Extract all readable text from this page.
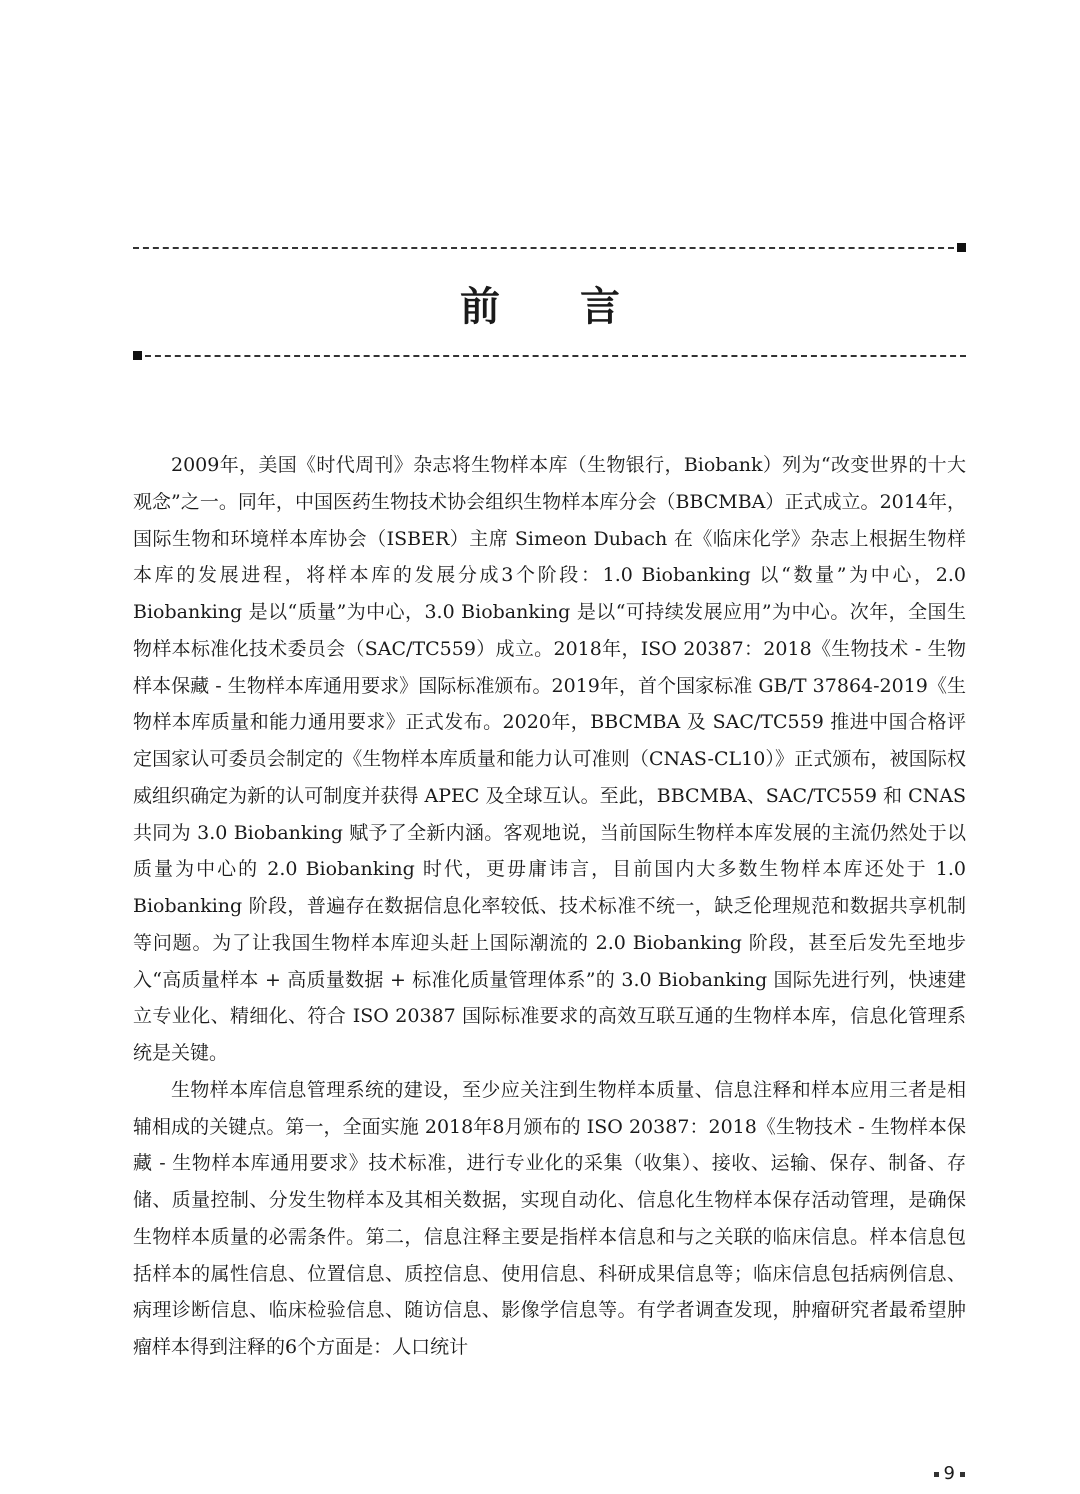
前言

2009年，美国《时代周刊》杂志将生物样本库（生物银行，Biobank）列为“改变世界的十大观念”之一。同年，中国医药生物技术协会组织生物样本库分会（BBCMBA）正式成立。2014年，国际生物和环境样本库协会（ISBER）主席 Simeon Dubach 在《临床化学》杂志上根据生物样本库的发展进程，将样本库的发展分成3个阶段：1.0 Biobanking 以“数量”为中心，2.0 Biobanking 是以“质量”为中心，3.0 Biobanking 是以“可持续发展应用”为中心。次年，全国生物样本标准化技术委员会（SAC/TC559）成立。2018年，ISO 20387：2018《生物技术 - 生物样本保藏 - 生物样本库通用要求》国际标准颁布。2019年，首个国家标准 GB/T 37864-2019《生物样本库质量和能力通用要求》正式发布。2020年，BBCMBA 及 SAC/TC559 推进中国合格评定国家认可委员会制定的《生物样本库质量和能力认可准则（CNAS-CL10）》正式颁布，被国际权威组织确定为新的认可制度并获得 APEC 及全球互认。至此，BBCMBA、SAC/TC559 和 CNAS 共同为 3.0 Biobanking 赋予了全新内涵。客观地说，当前国际生物样本库发展的主流仍然处于以质量为中心的 2.0 Biobanking 时代，更毋庸讳言，目前国内大多数生物样本库还处于 1.0 Biobanking 阶段，普遍存在数据信息化率较低、技术标准不统一，缺乏伦理规范和数据共享机制等问题。为了让我国生物样本库迎头赶上国际潮流的 2.0 Biobanking 阶段，甚至后发先至地步入“高质量样本 + 高质量数据 + 标准化质量管理体系”的 3.0 Biobanking 国际先进行列，快速建立专业化、精细化、符合 ISO 20387 国际标准要求的高效互联互通的生物样本库，信息化管理系统是关键。

生物样本库信息管理系统的建设，至少应关注到生物样本质量、信息注释和样本应用三者是相辅相成的关键点。第一，全面实施 2018年8月颁布的 ISO 20387：2018《生物技术 - 生物样本保藏 - 生物样本库通用要求》技术标准，进行专业化的采集（收集）、接收、运输、保存、制备、存储、质量控制、分发生物样本及其相关数据，实现自动化、信息化生物样本保存活动管理，是确保生物样本质量的必需条件。第二，信息注释主要是指样本信息和与之关联的临床信息。样本信息包括样本的属性信息、位置信息、质控信息、使用信息、科研成果信息等；临床信息包括病例信息、病理诊断信息、临床检验信息、随访信息、影像学信息等。有学者调查发现，肿瘤研究者最希望肿瘤样本得到注释的6个方面是：人口统计

9
